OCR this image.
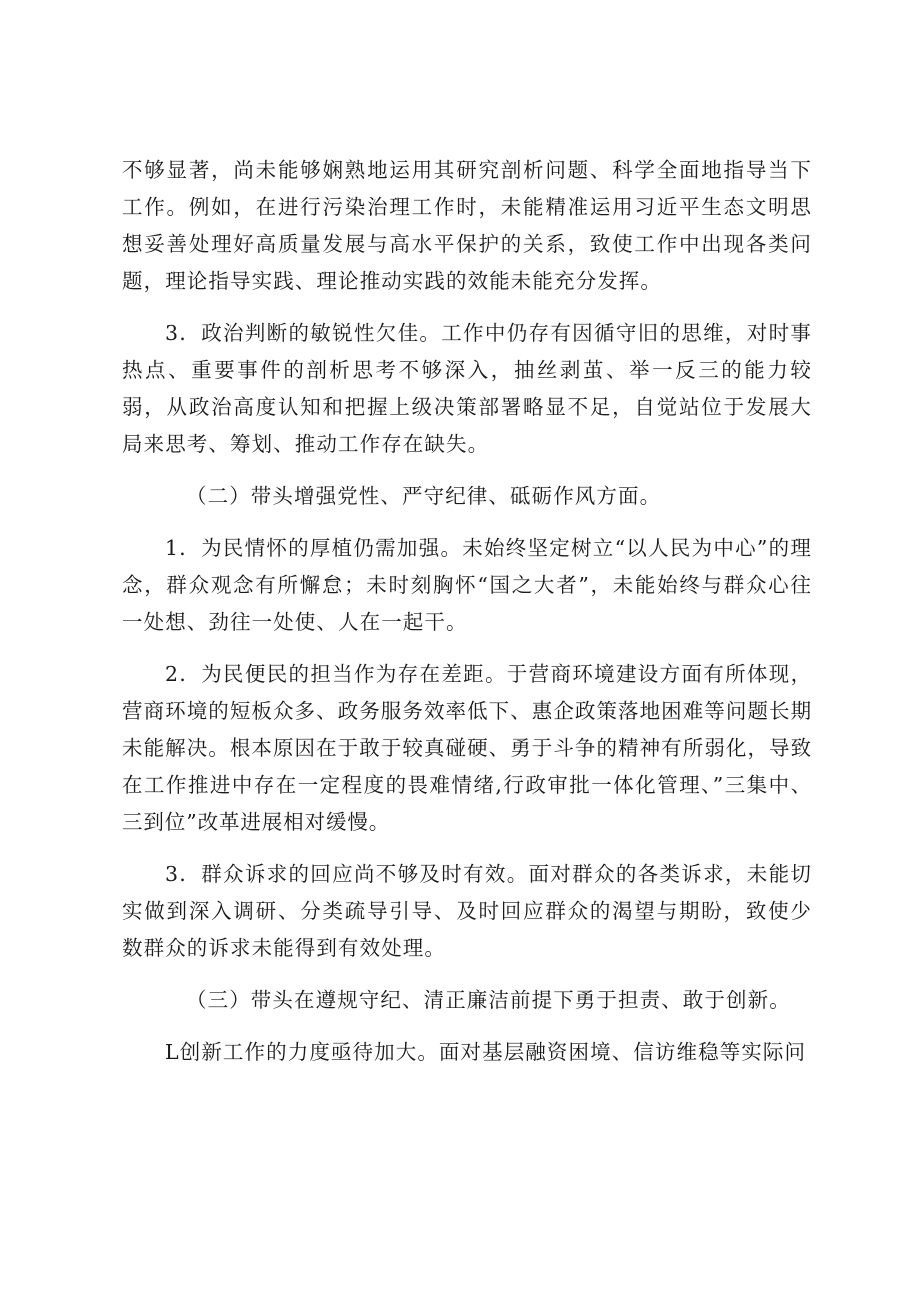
不够显著，尚未能够娴熟地运用其研究剖析问题、科学全面地指导当下工作。例如，在进行污染治理工作时，未能精准运用习近平生态文明思想妥善处理好高质量发展与高水平保护的关系，致使工作中出现各类问题，理论指导实践、理论推动实践的效能未能充分发挥。

3．政治判断的敏锐性欠佳。工作中仍存有因循守旧的思维，对时事热点、重要事件的剖析思考不够深入，抽丝剥茧、举一反三的能力较弱，从政治高度认知和把握上级决策部署略显不足，自觉站位于发展大局来思考、筹划、推动工作存在缺失。

（二）带头增强党性、严守纪律、砥砺作风方面。

1．为民情怀的厚植仍需加强。未始终坚定树立“以人民为中心”的理念，群众观念有所懈怠；未时刻胸怀“国之大者”，未能始终与群众心往一处想、劲往一处使、人在一起干。

2．为民便民的担当作为存在差距。于营商环境建设方面有所体现，营商环境的短板众多、政务服务效率低下、惠企政策落地困难等问题长期未能解决。根本原因在于敢于较真碰硬、勇于斗争的精神有所弱化，导致在工作推进中存在一定程度的畏难情绪,行政审批一体化管理、”三集中、三到位”改革进展相对缓慢。

3．群众诉求的回应尚不够及时有效。面对群众的各类诉求，未能切实做到深入调研、分类疏导引导、及时回应群众的渴望与期盼，致使少数群众的诉求未能得到有效处理。

（三）带头在遵规守纪、清正廉洁前提下勇于担责、敢于创新。

L创新工作的力度亟待加大。面对基层融资困境、信访维稳等实际问
